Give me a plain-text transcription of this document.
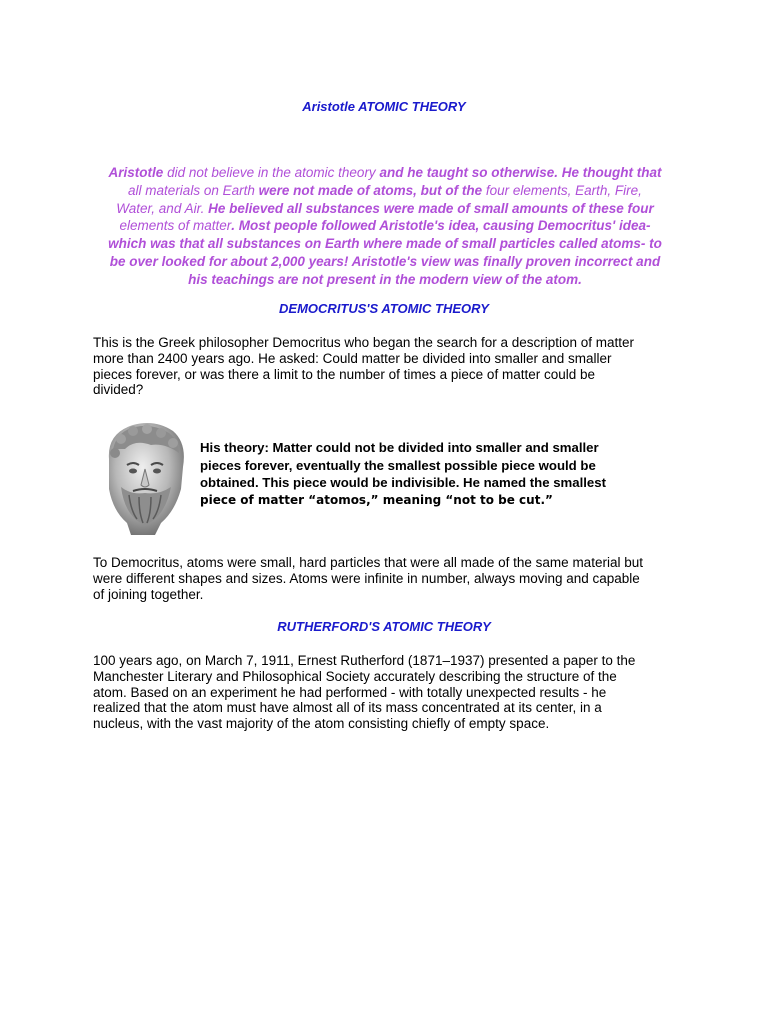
Aristotle ATOMIC THEORY
Aristotle did not believe in the atomic theory and he taught so otherwise. He thought that
all materials on Earth were not made of atoms, but of the four elements, Earth, Fire,
Water, and Air. He believed all substances were made of small amounts of these four
elements of matter. Most people followed Aristotle's idea, causing Democritus' idea-
which was that all substances on Earth where made of small particles called atoms- to
be over looked for about 2,000 years! Aristotle's view was finally proven incorrect and
his teachings are not present in the modern view of the atom.
DEMOCRITUS'S ATOMIC THEORY
This is the Greek philosopher Democritus who began the search for a description of matter
more than 2400 years ago. He asked: Could matter be divided into smaller and smaller
pieces forever, or was there a limit to the number of times a piece of matter could be
divided?
His theory: Matter could not be divided into smaller and smaller
pieces forever, eventually the smallest possible piece would be
obtained. This piece would be indivisible. He named the smallest
piece of matter “atomos,” meaning “not to be cut.”
To Democritus, atoms were small, hard particles that were all made of the same material but
were different shapes and sizes. Atoms were infinite in number, always moving and capable
of joining together.
RUTHERFORD'S ATOMIC THEORY
100 years ago, on March 7, 1911, Ernest Rutherford (1871–1937) presented a paper to the
Manchester Literary and Philosophical Society accurately describing the structure of the
atom. Based on an experiment he had performed - with totally unexpected results - he
realized that the atom must have almost all of its mass concentrated at its center, in a
nucleus, with the vast majority of the atom consisting chiefly of empty space.
